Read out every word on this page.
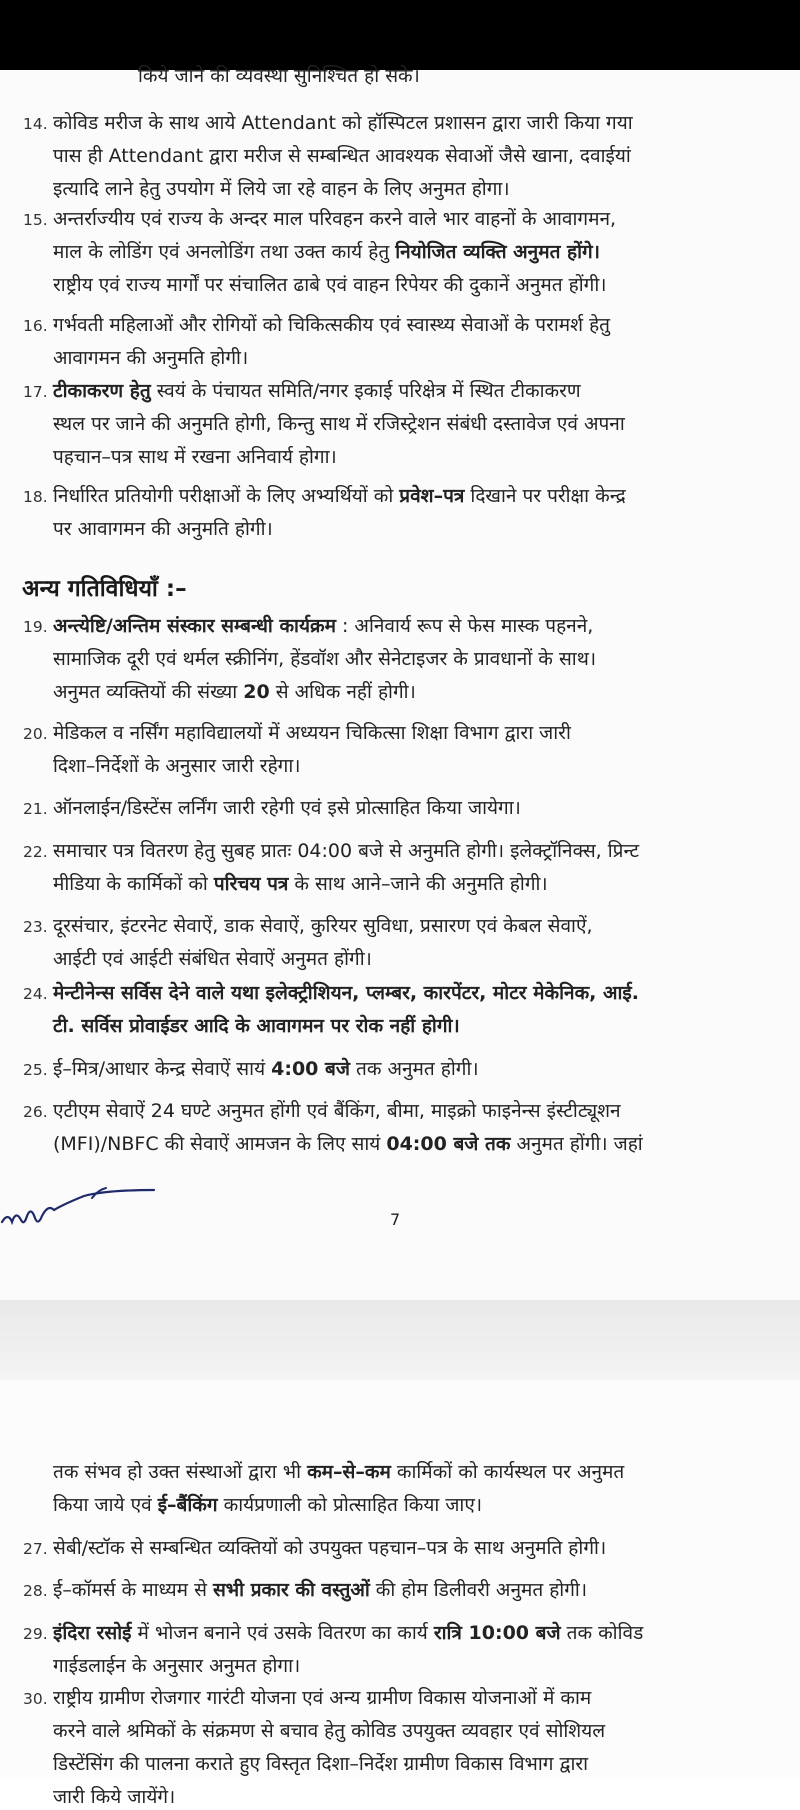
किये जाने की व्यवस्था सुनिश्चित हो सके।
अन्य गतिविधियाँ :–
7
14. कोविड मरीज के साथ आये Attendant को हॉस्पिटल प्रशासन द्वारा जारी किया गया
पास ही Attendant द्वारा मरीज से सम्बन्धित आवश्यक सेवाओं जैसे खाना, दवाईयां
इत्यादि लाने हेतु उपयोग में लिये जा रहे वाहन के लिए अनुमत होगा।
15. अन्तर्राज्यीय एवं राज्य के अन्दर माल परिवहन करने वाले भार वाहनों के आवागमन,
माल के लोडिंग एवं अनलोडिंग तथा उक्त कार्य हेतु नियोजित व्यक्ति अनुमत होंगे।
राष्ट्रीय एवं राज्य मार्गों पर संचालित ढाबे एवं वाहन रिपेयर की दुकानें अनुमत होंगी।
16. गर्भवती महिलाओं और रोगियों को चिकित्सकीय एवं स्वास्थ्य सेवाओं के परामर्श हेतु
आवागमन की अनुमति होगी।
17. टीकाकरण हेतु स्वयं के पंचायत समिति/नगर इकाई परिक्षेत्र में स्थित टीकाकरण
स्थल पर जाने की अनुमति होगी, किन्तु साथ में रजिस्ट्रेशन संबंधी दस्तावेज एवं अपना
पहचान–पत्र साथ में रखना अनिवार्य होगा।
18. निर्धारित प्रतियोगी परीक्षाओं के लिए अभ्यर्थियों को प्रवेश–पत्र दिखाने पर परीक्षा केन्द्र
पर आवागमन की अनुमति होगी।
19. अन्त्येष्टि/अन्तिम संस्कार सम्बन्धी कार्यक्रम : अनिवार्य रूप से फेस मास्क पहनने,
सामाजिक दूरी एवं थर्मल स्क्रीनिंग, हेंडवॉश और सेनेटाइजर के प्रावधानों के साथ।
अनुमत व्यक्तियों की संख्या 20 से अधिक नहीं होगी।
20. मेडिकल व नर्सिंग महाविद्यालयों में अध्ययन चिकित्सा शिक्षा विभाग द्वारा जारी
दिशा–निर्देशों के अनुसार जारी रहेगा।
21. ऑनलाईन/डिस्टेंस लर्निंग जारी रहेगी एवं इसे प्रोत्साहित किया जायेगा।
22. समाचार पत्र वितरण हेतु सुबह प्रातः 04:00 बजे से अनुमति होगी। इलेक्ट्रॉनिक्स, प्रिन्ट
मीडिया के कार्मिकों को परिचय पत्र के साथ आने–जाने की अनुमति होगी।
23. दूरसंचार, इंटरनेट सेवाऐं, डाक सेवाऐं, कुरियर सुविधा, प्रसारण एवं केबल सेवाऐं,
आईटी एवं आईटी संबंधित सेवाऐं अनुमत होंगी।
24. मेन्टीनेन्स सर्विस देने वाले यथा इलेक्ट्रीशियन, प्लम्बर, कारपेंटर, मोटर मेकेनिक, आई.
टी. सर्विस प्रोवाईडर आदि के आवागमन पर रोक नहीं होगी।
25. ई–मित्र/आधार केन्द्र सेवाऐं सायं 4:00 बजे तक अनुमत होगी।
26. एटीएम सेवाऐं 24 घण्टे अनुमत होंगी एवं बैंकिंग, बीमा, माइक्रो फाइनेन्स इंस्टीट्यूशन
(MFI)/NBFC की सेवाऐं आमजन के लिए सायं 04:00 बजे तक अनुमत होंगी। जहां
तक संभव हो उक्त संस्थाओं द्वारा भी कम–से–कम कार्मिकों को कार्यस्थल पर अनुमत
किया जाये एवं ई–बैंकिंग कार्यप्रणाली को प्रोत्साहित किया जाए।
27. सेबी/स्टॉक से सम्बन्धित व्यक्तियों को उपयुक्त पहचान–पत्र के साथ अनुमति होगी।
28. ई–कॉमर्स के माध्यम से सभी प्रकार की वस्तुओं की होम डिलीवरी अनुमत होगी।
29. इंदिरा रसोई में भोजन बनाने एवं उसके वितरण का कार्य रात्रि 10:00 बजे तक कोविड
गाईडलाईन के अनुसार अनुमत होगा।
30. राष्ट्रीय ग्रामीण रोजगार गारंटी योजना एवं अन्य ग्रामीण विकास योजनाओं में काम
करने वाले श्रमिकों के संक्रमण से बचाव हेतु कोविड उपयुक्त व्यवहार एवं सोशियल
डिस्टेंसिंग की पालना कराते हुए विस्तृत दिशा–निर्देश ग्रामीण विकास विभाग द्वारा
जारी किये जायेंगे।
